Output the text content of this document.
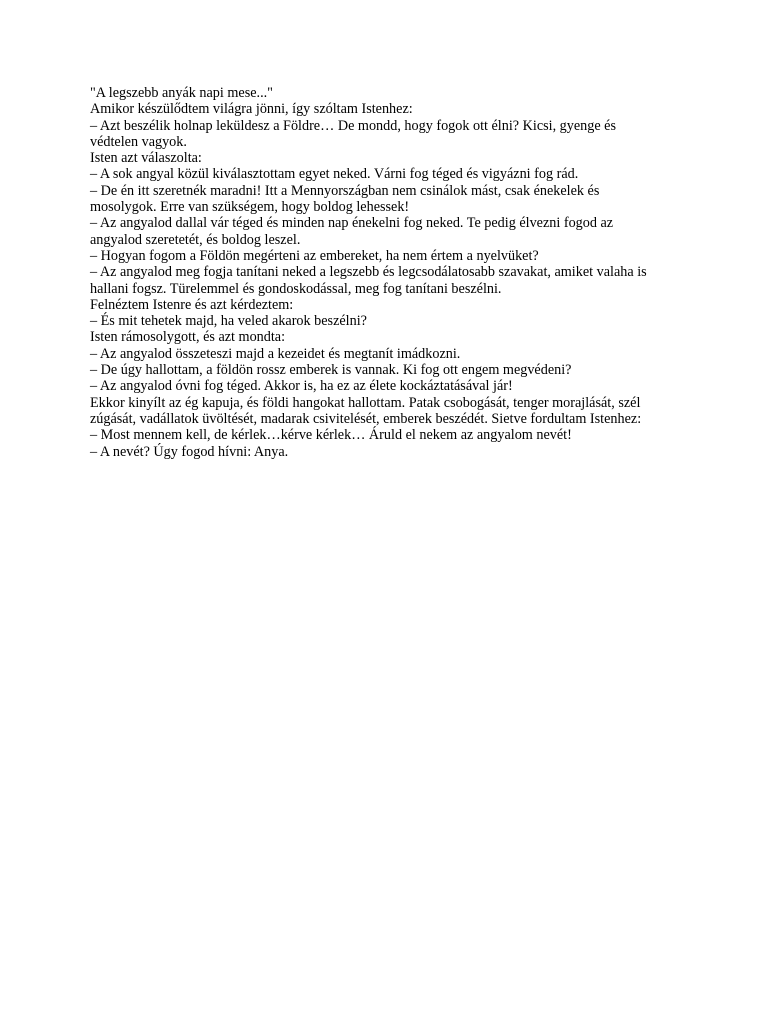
"A legszebb anyák napi mese..."
Amikor készülődtem világra jönni, így szóltam Istenhez:
– Azt beszélik holnap leküldesz a Földre… De mondd, hogy fogok ott élni? Kicsi, gyenge és
védtelen vagyok.
Isten azt válaszolta:
– A sok angyal közül kiválasztottam egyet neked. Várni fog téged és vigyázni fog rád.
– De én itt szeretnék maradni! Itt a Mennyországban nem csinálok mást, csak énekelek és
mosolygok. Erre van szükségem, hogy boldog lehessek!
– Az angyalod dallal vár téged és minden nap énekelni fog neked. Te pedig élvezni fogod az
angyalod szeretetét, és boldog leszel.
– Hogyan fogom a Földön megérteni az embereket, ha nem értem a nyelvüket?
– Az angyalod meg fogja tanítani neked a legszebb és legcsodálatosabb szavakat, amiket valaha is
hallani fogsz. Türelemmel és gondoskodással, meg fog tanítani beszélni.
Felnéztem Istenre és azt kérdeztem:
– És mit tehetek majd, ha veled akarok beszélni?
Isten rámosolygott, és azt mondta:
– Az angyalod összeteszi majd a kezeidet és megtanít imádkozni.
– De úgy hallottam, a földön rossz emberek is vannak. Ki fog ott engem megvédeni?
– Az angyalod óvni fog téged. Akkor is, ha ez az élete kockáztatásával jár!
Ekkor kinyílt az ég kapuja, és földi hangokat hallottam. Patak csobogását, tenger morajlását, szél
zúgását, vadállatok üvöltését, madarak csivitelését, emberek beszédét. Sietve fordultam Istenhez:
– Most mennem kell, de kérlek…kérve kérlek… Áruld el nekem az angyalom nevét!
– A nevét? Úgy fogod hívni: Anya.
